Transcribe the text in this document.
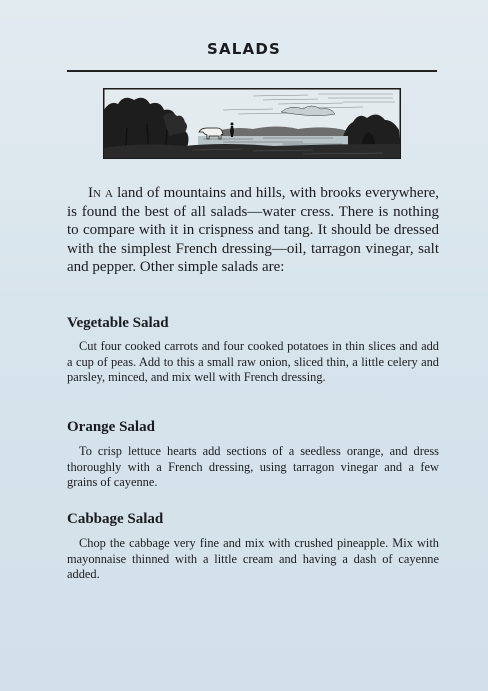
SALADS

In a land of mountains and hills, with brooks everywhere, is found the best of all salads—water cress. There is nothing to compare with it in crispness and tang. It should be dressed with the simplest French dressing—oil, tarragon vinegar, salt and pepper. Other simple salads are:

Vegetable Salad

Cut four cooked carrots and four cooked potatoes in thin slices and add a cup of peas. Add to this a small raw onion, sliced thin, a little celery and parsley, minced, and mix well with French dressing.

Orange Salad

To crisp lettuce hearts add sections of a seedless orange, and dress thoroughly with a French dressing, using tarragon vinegar and a few grains of cayenne.

Cabbage Salad

Chop the cabbage very fine and mix with crushed pineapple. Mix with mayonnaise thinned with a little cream and having a dash of cayenne added.
